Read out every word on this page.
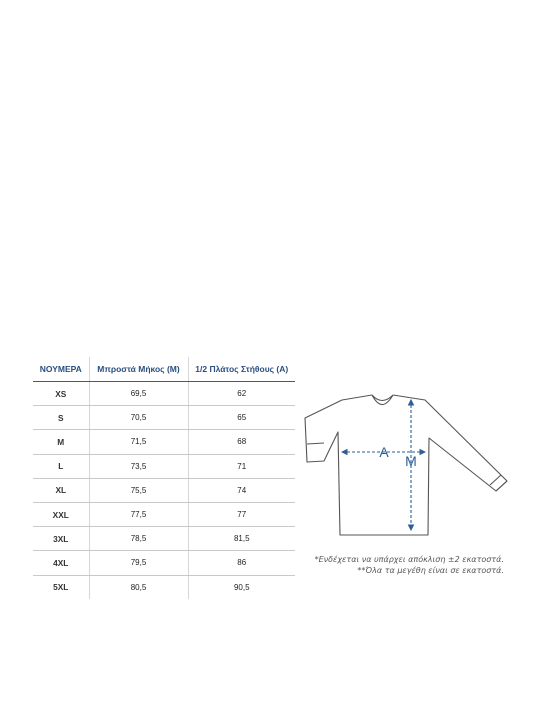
ΝΟΥΜΕΡΑ	Μπροστά Μήκος (Μ)	1/2 Πλάτος Στήθους (Α)
XS	69,5	62
S	70,5	65
M	71,5	68
L	73,5	71
XL	75,5	74
XXL	77,5	77
3XL	78,5	81,5
4XL	79,5	86
5XL	80,5	90,5
A
M
*Ενδέχεται να υπάρχει απόκλιση ±2 εκατοστά.
**Όλα τα μεγέθη είναι σε εκατοστά.
